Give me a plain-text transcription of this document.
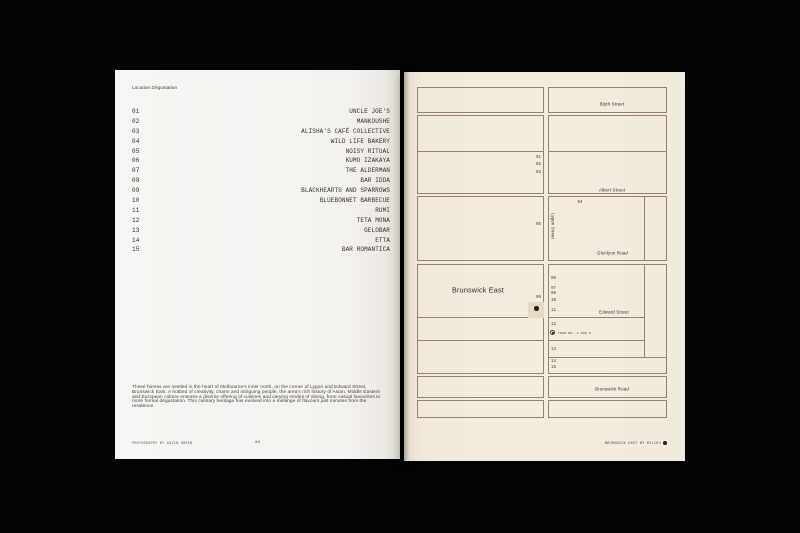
Location Dégustation
01	UNCLE JOE'S
02	MANKOUSHE
03	ALISHA'S CAFÉ COLLECTIVE
04	WILD LIFE BAKERY
05	NOISY RITUAL
06	KUMO IZAKAYA
07	THE ALDERMAN
08	BAR IDDA
09	BLACKHEARTS AND SPARROWS
10	BLUEBONNET BARBECUE
11	RUMI
12	TETA MONA
13	GELOBAR
14	ETTA
15	BAR ROMANTICA
These homes are nestled in the heart of Melbourne's inner north, on the corner of Lygon and Edward Street, Brunswick East. A hotbed of creativity, charm and intriguing people, the area's rich history of Asian, Middle Eastern and European culture ensures a diverse offering of cuisines and varying modes of dining, from casual favourites to more formal dégustation. This culinary heritage has evolved into a mélange of flavours just minutes from the residence.
PHOTOGRAPHY BY GAVIN GREEN	04
Blyth Street
Albert Street
Lygon Street
Glenlyon Road
Edward Street
Brunswick Road
Brunswick East
01
02
03
04
05
06
07
08
09
10
11
12
13
14
15
TRAM NO. 1 AND 6
BRUNSWICK EAST BY MILIEU
